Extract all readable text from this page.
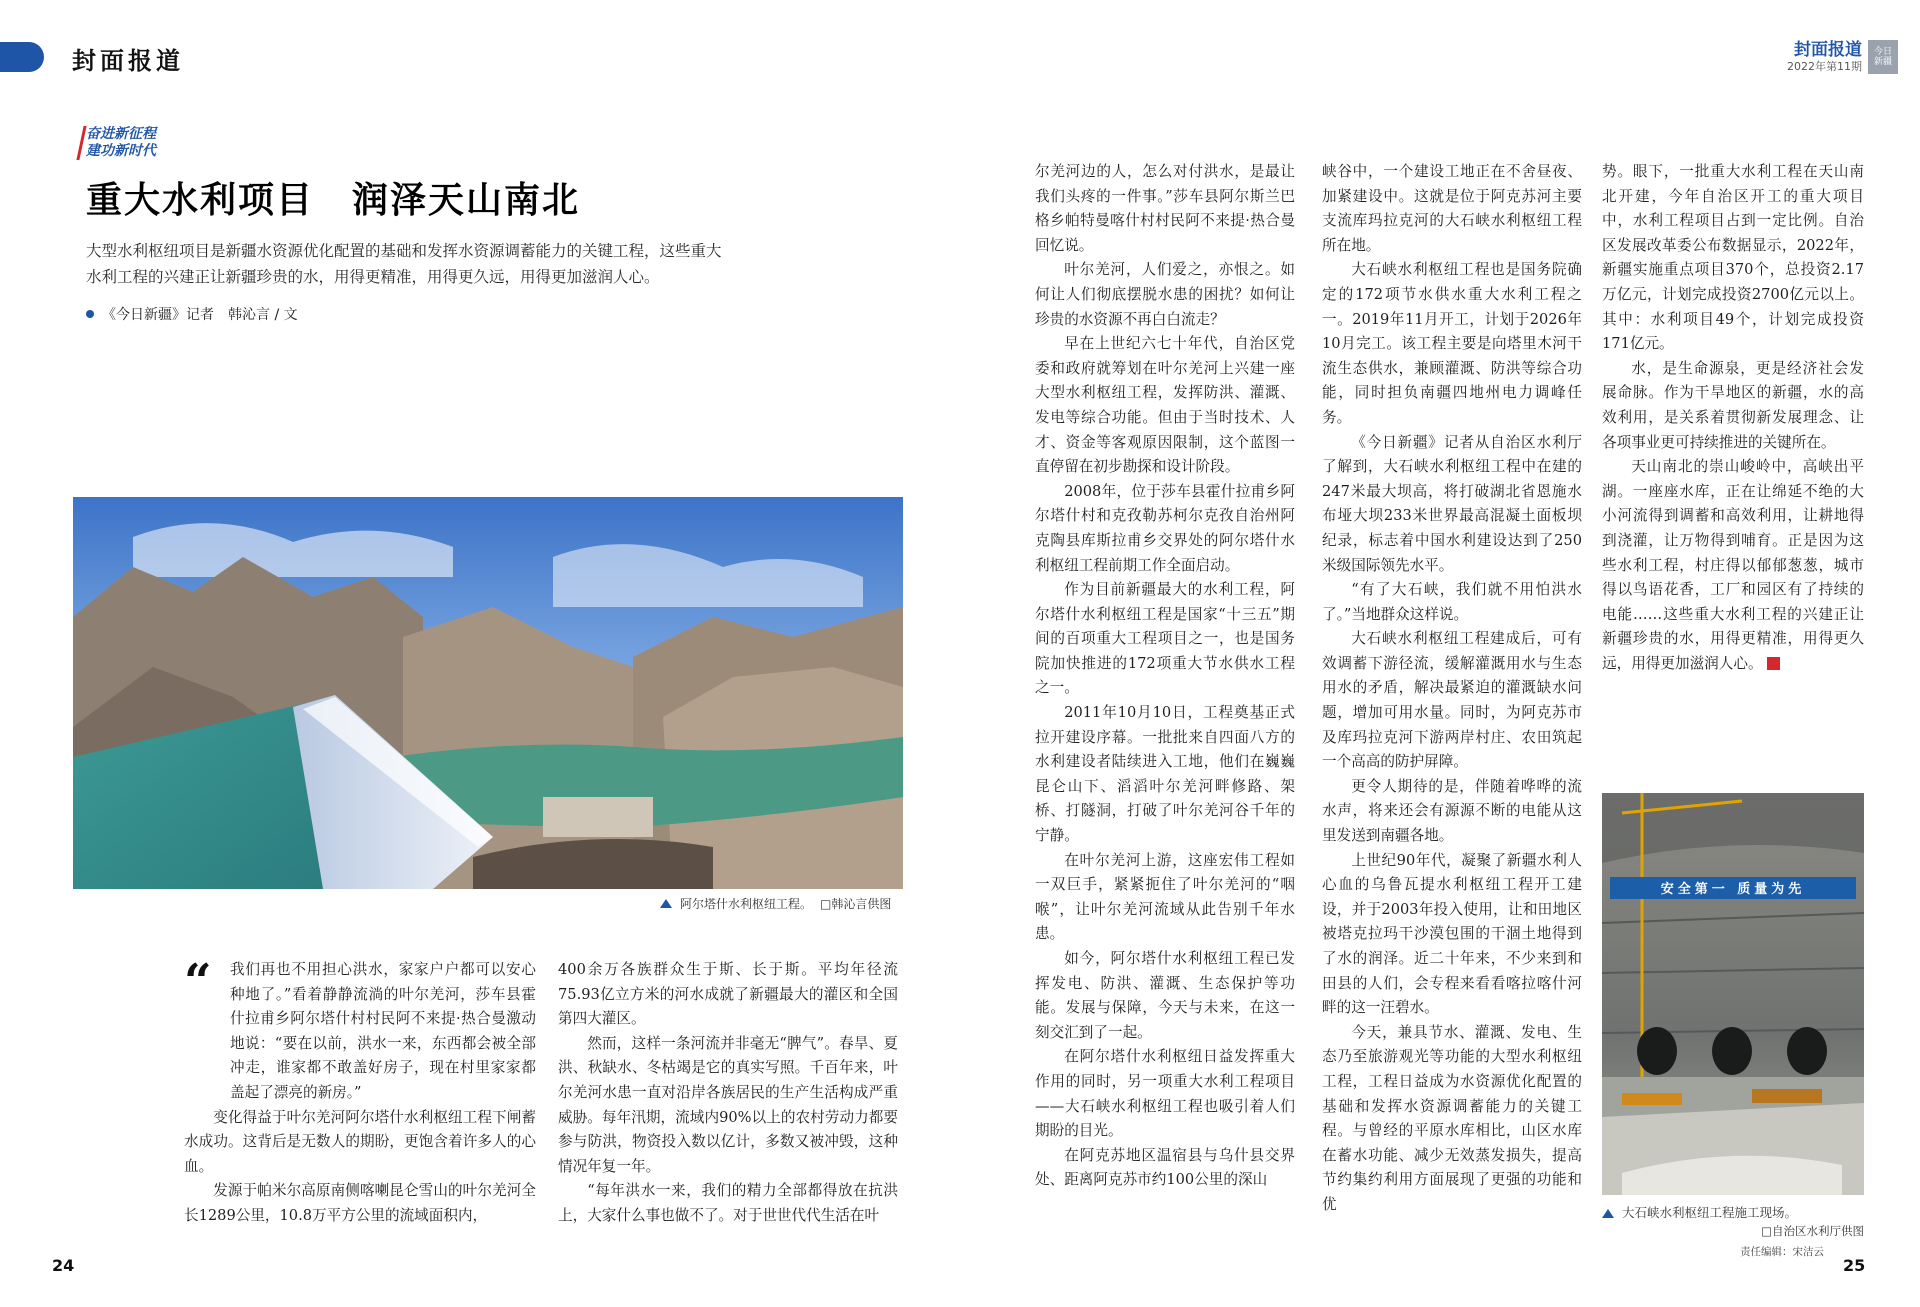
封面报道	封面报道
2022年第11期
今日新疆
奋进新征程
建功新时代
重大水利项目　润泽天山南北
大型水利枢纽项目是新疆水资源优化配置的基础和发挥水资源调蓄能力的关键工程，这些重大水利工程的兴建正让新疆珍贵的水，用得更精准，用得更久远，用得更加滋润人心。
《今日新疆》记者　韩沁言 / 文
阿尔塔什水利枢纽工程。 □韩沁言供图
“	我们再也不用担心洪水，家家户户都可以安心种地了。”看着静静流淌的叶尔羌河，莎车县霍什拉甫乡阿尔塔什村村民阿不来提·热合曼激动地说：“要在以前，洪水一来，东西都会被全部冲走，谁家都不敢盖好房子，现在村里家家都盖起了漂亮的新房。”

变化得益于叶尔羌河阿尔塔什水利枢纽工程下闸蓄水成功。这背后是无数人的期盼，更饱含着许多人的心血。

发源于帕米尔高原南侧喀喇昆仑雪山的叶尔羌河全长1289公里，10.8万平方公里的流域面积内，

400余万各族群众生于斯、长于斯。平均年径流75.93亿立方米的河水成就了新疆最大的灌区和全国第四大灌区。

然而，这样一条河流并非毫无“脾气”。春旱、夏洪、秋缺水、冬枯竭是它的真实写照。千百年来，叶尔羌河水患一直对沿岸各族居民的生产生活构成严重威胁。每年汛期，流域内90%以上的农村劳动力都要参与防洪，物资投入数以亿计，多数又被冲毁，这种情况年复一年。

“每年洪水一来，我们的精力全部都得放在抗洪上，大家什么事也做不了。对于世世代代生活在叶

尔羌河边的人，怎么对付洪水，是最让我们头疼的一件事。”莎车县阿尔斯兰巴格乡帕特曼喀什村村民阿不来提·热合曼回忆说。

叶尔羌河，人们爱之，亦恨之。如何让人们彻底摆脱水患的困扰？如何让珍贵的水资源不再白白流走？

早在上世纪六七十年代，自治区党委和政府就筹划在叶尔羌河上兴建一座大型水利枢纽工程，发挥防洪、灌溉、发电等综合功能。但由于当时技术、人才、资金等客观原因限制，这个蓝图一直停留在初步勘探和设计阶段。

2008年，位于莎车县霍什拉甫乡阿尔塔什村和克孜勒苏柯尔克孜自治州阿克陶县库斯拉甫乡交界处的阿尔塔什水利枢纽工程前期工作全面启动。

作为目前新疆最大的水利工程，阿尔塔什水利枢纽工程是国家“十三五”期间的百项重大工程项目之一，也是国务院加快推进的172项重大节水供水工程之一。

2011年10月10日，工程奠基正式拉开建设序幕。一批批来自四面八方的水利建设者陆续进入工地，他们在巍巍昆仑山下、滔滔叶尔羌河畔修路、架桥、打隧洞，打破了叶尔羌河谷千年的宁静。

在叶尔羌河上游，这座宏伟工程如一双巨手，紧紧扼住了叶尔羌河的“咽喉”，让叶尔羌河流域从此告别千年水患。

如今，阿尔塔什水利枢纽工程已发挥发电、防洪、灌溉、生态保护等功能。发展与保障，今天与未来，在这一刻交汇到了一起。

在阿尔塔什水利枢纽日益发挥重大作用的同时，另一项重大水利工程项目——大石峡水利枢纽工程也吸引着人们期盼的目光。

在阿克苏地区温宿县与乌什县交界处、距离阿克苏市约100公里的深山

峡谷中，一个建设工地正在不舍昼夜、加紧建设中。这就是位于阿克苏河主要支流库玛拉克河的大石峡水利枢纽工程所在地。

大石峡水利枢纽工程也是国务院确定的172项节水供水重大水利工程之一。2019年11月开工，计划于2026年10月完工。该工程主要是向塔里木河干流生态供水，兼顾灌溉、防洪等综合功能，同时担负南疆四地州电力调峰任务。

《今日新疆》记者从自治区水利厅了解到，大石峡水利枢纽工程中在建的247米最大坝高，将打破湖北省恩施水布垭大坝233米世界最高混凝土面板坝纪录，标志着中国水利建设达到了250米级国际领先水平。

“有了大石峡，我们就不用怕洪水了。”当地群众这样说。

大石峡水利枢纽工程建成后，可有效调蓄下游径流，缓解灌溉用水与生态用水的矛盾，解决最紧迫的灌溉缺水问题，增加可用水量。同时，为阿克苏市及库玛拉克河下游两岸村庄、农田筑起一个高高的防护屏障。

更令人期待的是，伴随着哗哗的流水声，将来还会有源源不断的电能从这里发送到南疆各地。

上世纪90年代，凝聚了新疆水利人心血的乌鲁瓦提水利枢纽工程开工建设，并于2003年投入使用，让和田地区被塔克拉玛干沙漠包围的干涸土地得到了水的润泽。近二十年来，不少来到和田县的人们，会专程来看看喀拉喀什河畔的这一汪碧水。

今天，兼具节水、灌溉、发电、生态乃至旅游观光等功能的大型水利枢纽工程，工程日益成为水资源优化配置的基础和发挥水资源调蓄能力的关键工程。与曾经的平原水库相比，山区水库在蓄水功能、减少无效蒸发损失，提高节约集约利用方面展现了更强的功能和优

势。眼下，一批重大水利工程在天山南北开建，今年自治区开工的重大项目中，水利工程项目占到一定比例。自治区发展改革委公布数据显示，2022年，新疆实施重点项目370个，总投资2.17万亿元，计划完成投资2700亿元以上。其中：水利项目49个，计划完成投资171亿元。

水，是生命源泉，更是经济社会发展命脉。作为干旱地区的新疆，水的高效利用，是关系着贯彻新发展理念、让各项事业更可持续推进的关键所在。

天山南北的崇山峻岭中，高峡出平湖。一座座水库，正在让绵延不绝的大小河流得到调蓄和高效利用，让耕地得到浇灌，让万物得到哺育。正是因为这些水利工程，村庄得以郁郁葱葱，城市得以鸟语花香，工厂和园区有了持续的电能……这些重大水利工程的兴建正让新疆珍贵的水，用得更精准，用得更久远，用得更加滋润人心。

安全第一 质量为先
大石峡水利枢纽工程施工现场。
□自治区水利厅供图
责任编辑：宋洁云
24	25
